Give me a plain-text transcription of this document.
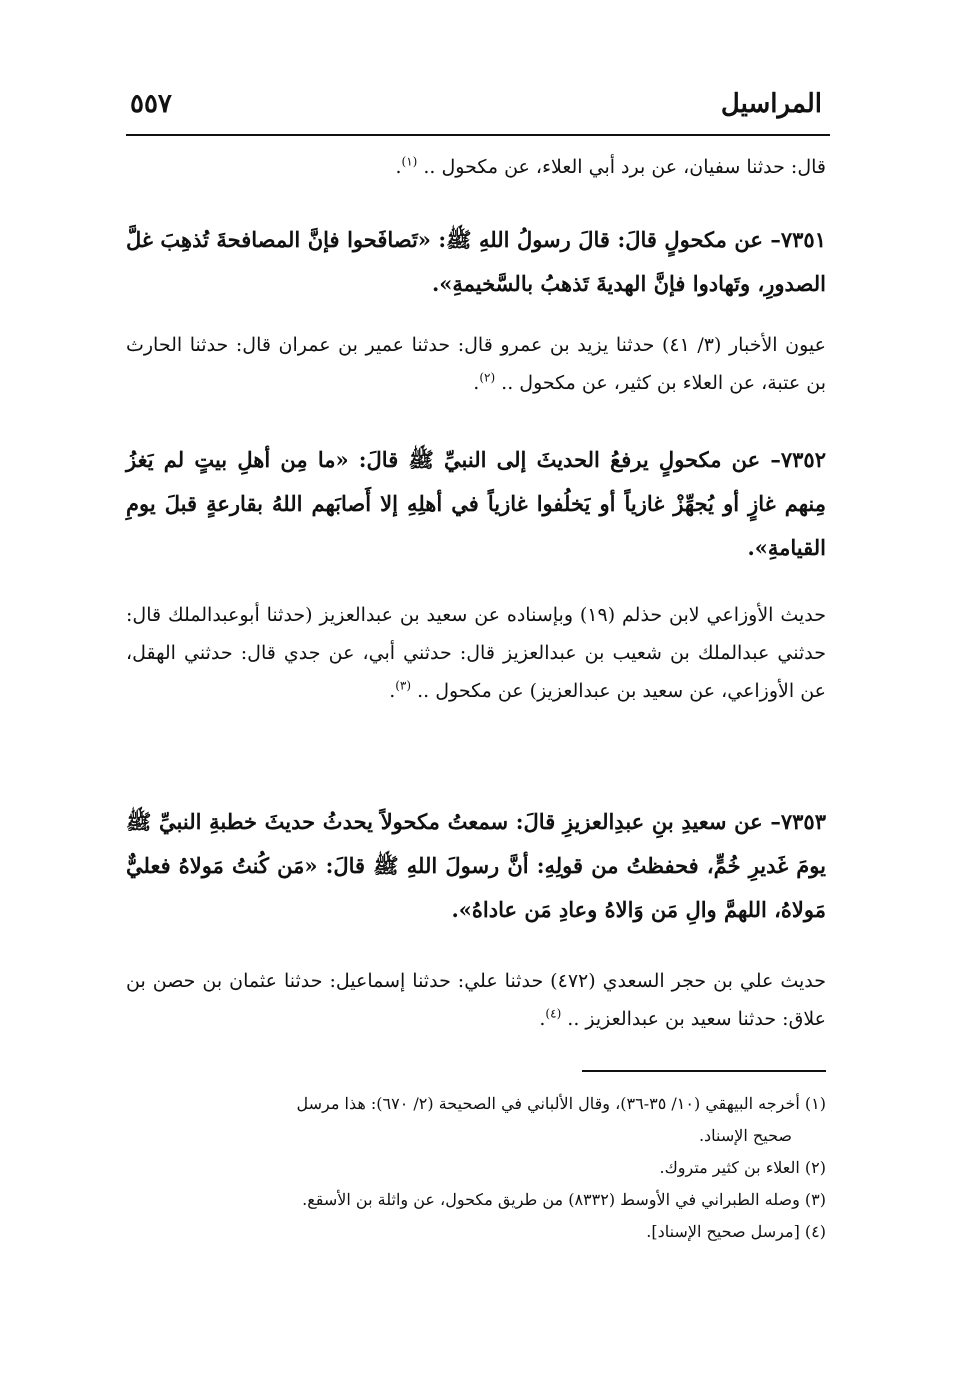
المراسيل
٥٥٧
قال: حدثنا سفيان، عن برد أبي العلاء، عن مكحول .. $^{(١)}$.
٧٣٥١– عن مكحولٍ قالَ: قالَ رسولُ اللهِ ﷺ: «تَصافَحوا فإنَّ المصافحةَ تُذهِبَ غلَّ الصدورِ، وتَهادوا فإنَّ الهديةَ تَذهبُ بالسَّخيمةِ».
عيون الأخبار (٣/ ٤١) حدثنا يزيد بن عمرو قال: حدثنا عمير بن عمران قال: حدثنا الحارث بن عتبة، عن العلاء بن كثير، عن مكحول .. $^{(٢)}$.
٧٣٥٢– عن مكحولٍ يرفعُ الحديثَ إلى النبيِّ ﷺ قالَ: «ما مِن أهلِ بيتٍ لم يَغزُ مِنهم غازٍ أو يُجهِّزْ غازياً أو يَخلُفوا غازياً في أهلِهِ إلا أَصابَهم اللهُ بقارعةٍ قبلَ يومِ القيامةِ».
حديث الأوزاعي لابن حذلم (١٩) وبإسناده عن سعيد بن عبدالعزيز (حدثنا أبوعبدالملك قال: حدثني عبدالملك بن شعيب بن عبدالعزيز قال: حدثني أبي، عن جدي قال: حدثني الهقل، عن الأوزاعي، عن سعيد بن عبدالعزيز) عن مكحول .. $^{(٣)}$.
٧٣٥٣– عن سعيدِ بنِ عبدِالعزيزِ قالَ: سمعتُ مكحولاً يحدثُ حديثَ خطبةِ النبيِّ ﷺ يومَ غَديرِ خُمٍّ، فحفظتُ من قولِهِ: أنَّ رسولَ اللهِ ﷺ قالَ: «مَن كُنتُ مَولاهُ فعليٌّ مَولاهُ، اللهمَّ والِ مَن وَالاهُ وعادِ مَن عاداهُ».
حديث علي بن حجر السعدي (٤٧٢) حدثنا علي: حدثنا إسماعيل: حدثنا عثمان بن حصن بن علاق: حدثنا سعيد بن عبدالعزيز .. $^{(٤)}$.
(١) أخرجه البيهقي (١٠/ ٣٥-٣٦)، وقال الألباني في الصحيحة (٢/ ٦٧٠): هذا مرسل
صحيح الإسناد.
(٢) العلاء بن كثير متروك.
(٣) وصله الطبراني في الأوسط (٨٣٣٢) من طريق مكحول، عن واثلة بن الأسقع.
(٤) [مرسل صحيح الإسناد].
